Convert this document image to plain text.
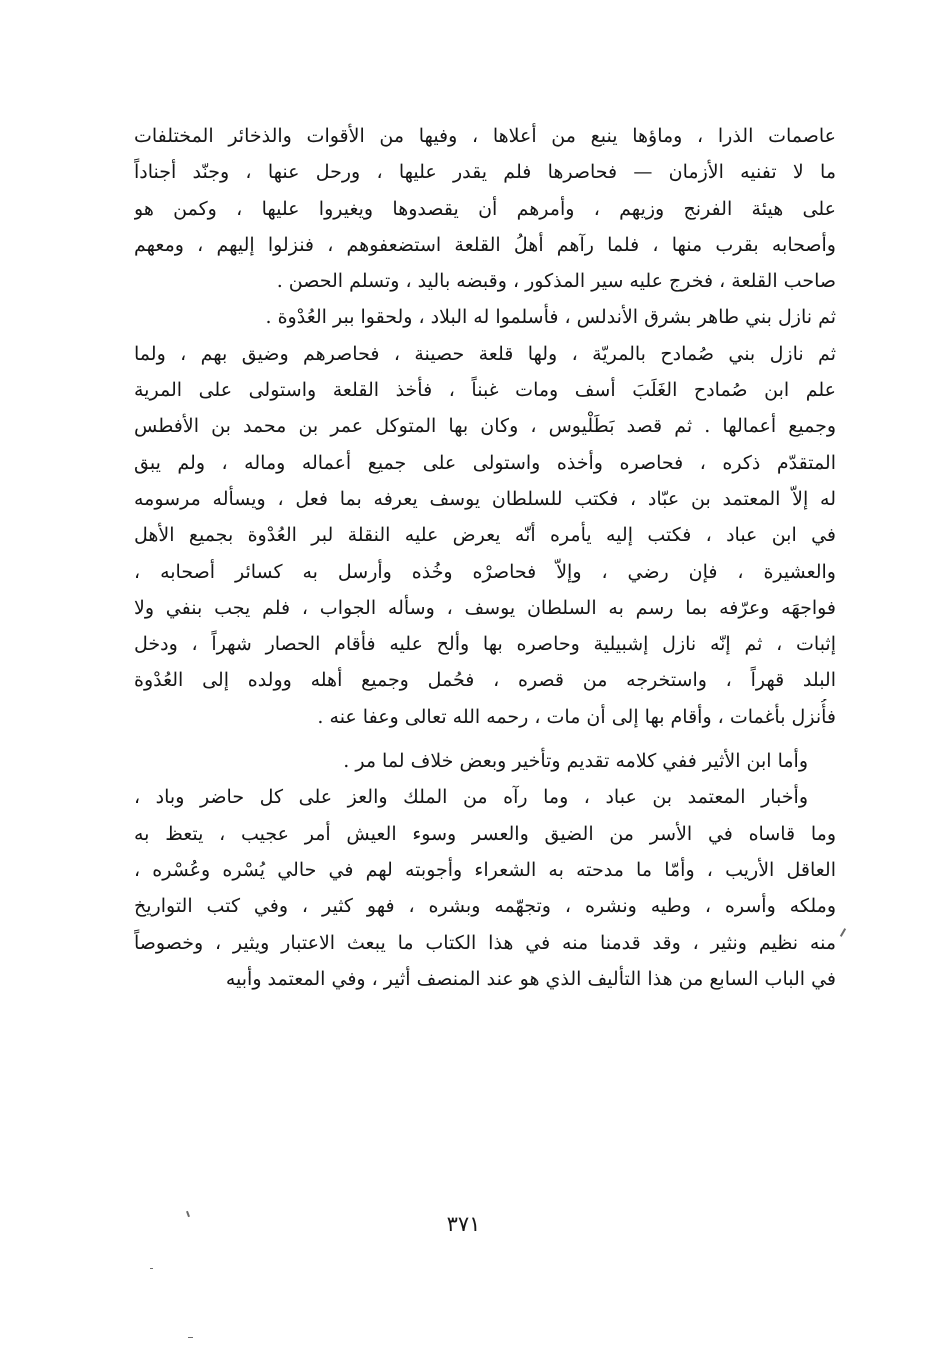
عاصمات الذرا ، وماؤها ينبع من أعلاها ، وفيها من الأقوات والذخائر المختلفات
ما لا تفنيه الأزمان — فحاصرها فلم يقدر عليها ، ورحل عنها ، وجنّد أجناداً
على هيئة الفرنج وزيهم ، وأمرهم أن يقصدوها ويغيروا عليها ، وكمن هو
وأصحابه بقرب منها ، فلما رآهم أهلُ القلعة استضعفوهم ، فنزلوا إليهم ، ومعهم
صاحب القلعة ، فخرج عليه سير المذكور ، وقبضه باليد ، وتسلم الحصن .
ثم نازل بني طاهر بشرق الأندلس ، فأسلموا له البلاد ، ولحقوا ببر العُدْوة .
ثم نازل بني صُمادح بالمريّة ، ولها قلعة حصينة ، فحاصرهم وضيق بهم ، ولما
علم ابن صُمادح الغَلَبَ أسف ومات غبناً ، فأخذ القلعة واستولى على المرية
وجميع أعمالها . ثم قصد بَطَلْيوس ، وكان بها المتوكل عمر بن محمد بن الأفطس
المتقدّم ذكره ، فحاصره وأخذه واستولى على جميع أعماله وماله ، ولم يبق
له إلاّ المعتمد بن عبّاد ، فكتب للسلطان يوسف يعرفه بما فعل ، ويسأله مرسومه
في ابن عباد ، فكتب إليه يأمره أنّه يعرض عليه النقلة لبر العُدْوة بجميع الأهل
والعشيرة ، فإن رضي ، وإلاّ فحاصرْه وخُذه وأرسل به كسائر أصحابه ،
فواجهَه وعرّفه بما رسم به السلطان يوسف ، وسأله الجواب ، فلم يجب بنفي ولا
إثبات ، ثم إنّه نازل إشبيلية وحاصره بها وألح عليه فأقام الحصار شهراً ، ودخل
البلد قهراً ، واستخرجه من قصره ، فحُمل وجميع أهله وولده إلى العُدْوة
فأُنزل بأغمات ، وأقام بها إلى أن مات ، رحمه الله تعالى وعفا عنه .
وأما ابن الأثير ففي كلامه تقديم وتأخير وبعض خلاف لما مر .
وأخبار المعتمد بن عباد ، وما رآه من الملك والعز على كل حاضر وباد ،
وما قاساه في الأسر من الضيق والعسر وسوء العيش أمر عجيب ، يتعظ به
العاقل الأريب ، وأمّا ما مدحته به الشعراء وأجوبته لهم في حالي يُسْره وعُسْره ،
وملكه وأسره ، وطيه ونشره ، وتجهّمه وبشره ، فهو كثير ، وفي كتب التواريخ
منه نظيم ونثير ، وقد قدمنا منه في هذا الكتاب ما يبعث الاعتبار ويثير ، وخصوصاً
في الباب السابع من هذا التأليف الذي هو عند المنصف أثير ، وفي المعتمد وأبيه
٣٧١
